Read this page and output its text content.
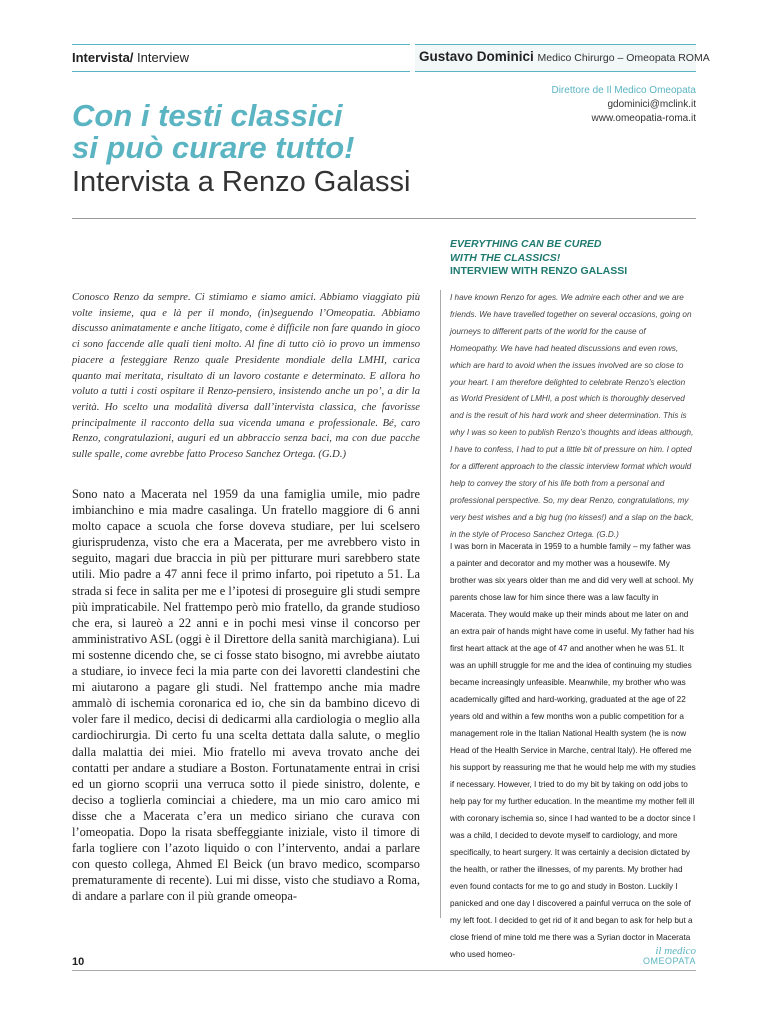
Intervista/ Interview	Gustavo Dominici Medico Chirurgo – Omeopata ROMA
Direttore de Il Medico Omeopata
gdominici@mclink.it
www.omeopatia-roma.it
Con i testi classici
si può curare tutto!
Intervista a Renzo Galassi
EVERYTHING CAN BE CURED
WITH THE CLASSICS!
INTERVIEW WITH RENZO GALASSI
Conosco Renzo da sempre. Ci stimiamo e siamo amici. Abbiamo viaggiato più volte insieme, qua e là per il mondo, (in)seguendo l’Omeopatia. Abbiamo discusso animatamente e anche litigato, come è difficile non fare quando in gioco ci sono faccende alle quali tieni molto. Al fine di tutto ciò io provo un immenso piacere a festeggiare Renzo quale Presidente mondiale della LMHI, carica quanto mai meritata, risultato di un lavoro costante e determinato. E allora ho voluto a tutti i costi ospitare il Renzo-pensiero, insistendo anche un po’, a dir la verità. Ho scelto una modalità diversa dall’intervista classica, che favorisse principalmente il racconto della sua vicenda umana e professionale. Bé, caro Renzo, congratulazioni, auguri ed un abbraccio senza baci, ma con due pacche sulle spalle, come avrebbe fatto Proceso Sanchez Ortega. (G.D.)
Sono nato a Macerata nel 1959 da una famiglia umile, mio padre imbianchino e mia madre casalinga. Un fratello maggiore di 6 anni molto capace a scuola che forse doveva studiare, per lui scelsero giurisprudenza, visto che era a Macerata, per me avrebbero visto in seguito, magari due braccia in più per pitturare muri sarebbero state utili. Mio padre a 47 anni fece il primo infarto, poi ripetuto a 51. La strada si fece in salita per me e l’ipotesi di proseguire gli studi sempre più impraticabile. Nel frattempo però mio fratello, da grande studioso che era, si laureò a 22 anni e in pochi mesi vinse il concorso per amministrativo ASL (oggi è il Direttore della sanità marchigiana). Lui mi sostenne dicendo che, se ci fosse stato bisogno, mi avrebbe aiutato a studiare, io invece feci la mia parte con dei lavoretti clandestini che mi aiutarono a pagare gli studi. Nel frattempo anche mia madre ammalò di ischemia coronarica ed io, che sin da bambino dicevo di voler fare il medico, decisi di dedicarmi alla cardiologia o meglio alla cardiochirurgia. Di certo fu una scelta dettata dalla salute, o meglio dalla malattia dei miei. Mio fratello mi aveva trovato anche dei contatti per andare a studiare a Boston. Fortunatamente entrai in crisi ed un giorno scoprii una verruca sotto il piede sinistro, dolente, e deciso a toglierla cominciai a chiedere, ma un mio caro amico mi disse che a Macerata c’era un medico siriano che curava con l’omeopatia. Dopo la risata sbeffeggiante iniziale, visto il timore di farla togliere con l’azoto liquido o con l’intervento, andai a parlare con questo collega, Ahmed El Beick (un bravo medico, scomparso prematuramente di recente). Lui mi disse, visto che studiavo a Roma, di andare a parlare con il più grande omeopa-
I have known Renzo for ages. We admire each other and we are friends. We have travelled together on several occasions, going on journeys to different parts of the world for the cause of Homeopathy. We have had heated discussions and even rows, which are hard to avoid when the issues involved are so close to your heart. I am therefore delighted to celebrate Renzo’s election as World President of LMHI, a post which is thoroughly deserved and is the result of his hard work and sheer determination. This is why I was so keen to publish Renzo’s thoughts and ideas although, I have to confess, I had to put a little bit of pressure on him. I opted for a different approach to the classic interview format which would help to convey the story of his life both from a personal and professional perspective. So, my dear Renzo, congratulations, my very best wishes and a big hug (no kisses!) and a slap on the back, in the style of Proceso Sanchez Ortega. (G.D.)
I was born in Macerata in 1959 to a humble family – my father was a painter and decorator and my mother was a housewife. My brother was six years older than me and did very well at school. My parents chose law for him since there was a law faculty in Macerata. They would make up their minds about me later on and an extra pair of hands might have come in useful. My father had his first heart attack at the age of 47 and another when he was 51. It was an uphill struggle for me and the idea of continuing my studies became increasingly unfeasible. Meanwhile, my brother who was academically gifted and hard-working, graduated at the age of 22 years old and within a few months won a public competition for a management role in the Italian National Health system (he is now Head of the Health Service in Marche, central Italy). He offered me his support by reassuring me that he would help me with my studies if necessary. However, I tried to do my bit by taking on odd jobs to help pay for my further education. In the meantime my mother fell ill with coronary ischemia so, since I had wanted to be a doctor since I was a child, I decided to devote myself to cardiology, and more specifically, to heart surgery. It was certainly a decision dictated by the health, or rather the illnesses, of my parents. My brother had even found contacts for me to go and study in Boston. Luckily I panicked and one day I discovered a painful verruca on the sole of my left foot. I decided to get rid of it and began to ask for help but a close friend of mine told me there was a Syrian doctor in Macerata who used homeo-
10
il medico
OMEOPATA
